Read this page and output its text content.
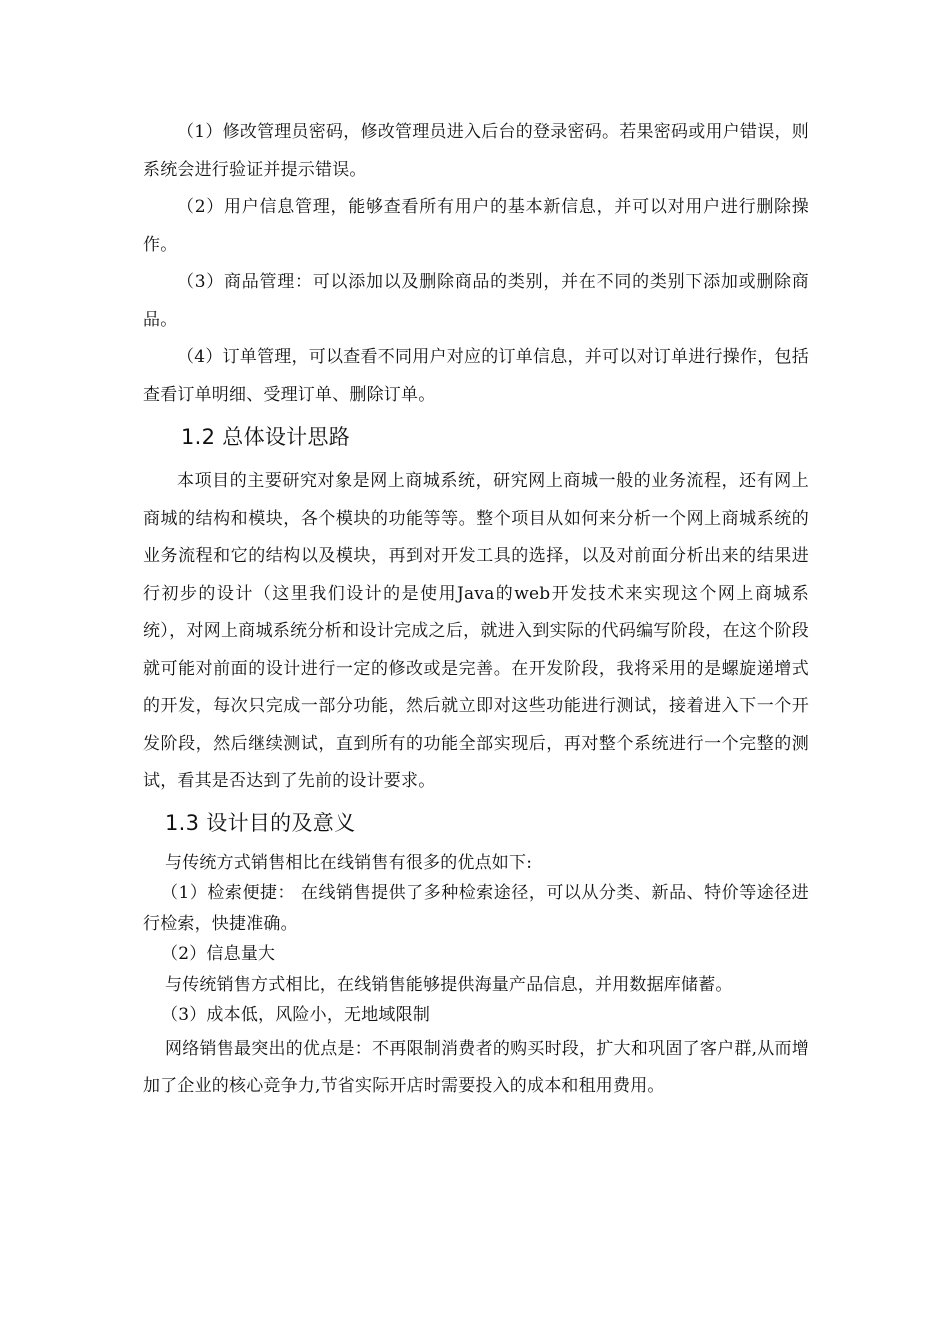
（1）修改管理员密码，修改管理员进入后台的登录密码。若果密码或用户错误，则系统会进行验证并提示错误。

（2）用户信息管理，能够查看所有用户的基本新信息，并可以对用户进行删除操作。

（3）商品管理：可以添加以及删除商品的类别，并在不同的类别下添加或删除商品。

（4）订单管理，可以查看不同用户对应的订单信息，并可以对订单进行操作，包括查看订单明细、受理订单、删除订单。

1.2 总体设计思路

本项目的主要研究对象是网上商城系统，研究网上商城一般的业务流程，还有网上商城的结构和模块，各个模块的功能等等。整个项目从如何来分析一个网上商城系统的业务流程和它的结构以及模块，再到对开发工具的选择，以及对前面分析出来的结果进行初步的设计（这里我们设计的是使用Java的web开发技术来实现这个网上商城系统），对网上商城系统分析和设计完成之后，就进入到实际的代码编写阶段，在这个阶段就可能对前面的设计进行一定的修改或是完善。在开发阶段，我将采用的是螺旋递增式的开发，每次只完成一部分功能，然后就立即对这些功能进行测试，接着进入下一个开发阶段，然后继续测试，直到所有的功能全部实现后，再对整个系统进行一个完整的测试，看其是否达到了先前的设计要求。

1.3 设计目的及意义

与传统方式销售相比在线销售有很多的优点如下:

（1）检索便捷： 在线销售提供了多种检索途径，可以从分类、新品、特价等途径进行检索，快捷准确。

（2）信息量大

与传统销售方式相比，在线销售能够提供海量产品信息，并用数据库储蓄。

（3）成本低，风险小，无地域限制

网络销售最突出的优点是：不再限制消费者的购买时段，扩大和巩固了客户群,从而增加了企业的核心竞争力,节省实际开店时需要投入的成本和租用费用。
